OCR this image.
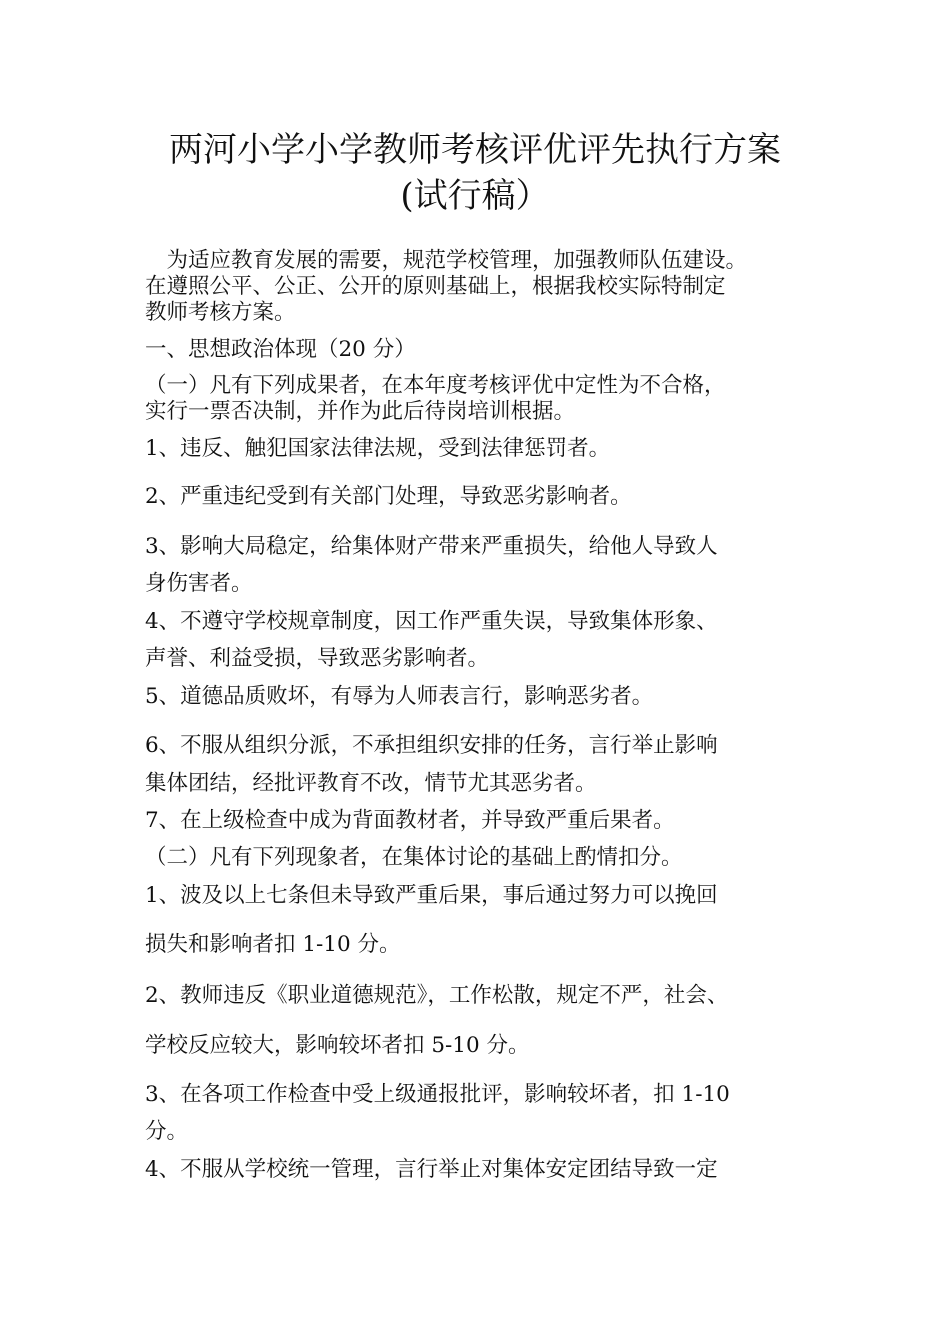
两河小学小学教师考核评优评先执行方案
(试行稿）
　为适应教育发展的需要，规范学校管理，加强教师队伍建设。
在遵照公平、公正、公开的原则基础上，根据我校实际特制定
教师考核方案。
一、思想政治体现（20 分）
（一）凡有下列成果者，在本年度考核评优中定性为不合格，
实行一票否决制，并作为此后待岗培训根据。
1、违反、触犯国家法律法规，受到法律惩罚者。
2、严重违纪受到有关部门处理，导致恶劣影响者。
3、影响大局稳定，给集体财产带来严重损失，给他人导致人
身伤害者。
4、不遵守学校规章制度，因工作严重失误，导致集体形象、
声誉、利益受损，导致恶劣影响者。
5、道德品质败坏，有辱为人师表言行，影响恶劣者。
6、不服从组织分派，不承担组织安排的任务，言行举止影响
集体团结，经批评教育不改，情节尤其恶劣者。
7、在上级检查中成为背面教材者，并导致严重后果者。
（二）凡有下列现象者，在集体讨论的基础上酌情扣分。
1、波及以上七条但未导致严重后果，事后通过努力可以挽回
损失和影响者扣 1-10 分。
2、教师违反《职业道德规范》，工作松散，规定不严，社会、
学校反应较大，影响较坏者扣 5-10 分。
3、在各项工作检查中受上级通报批评，影响较坏者，扣 1-10
分。
4、不服从学校统一管理，言行举止对集体安定团结导致一定
